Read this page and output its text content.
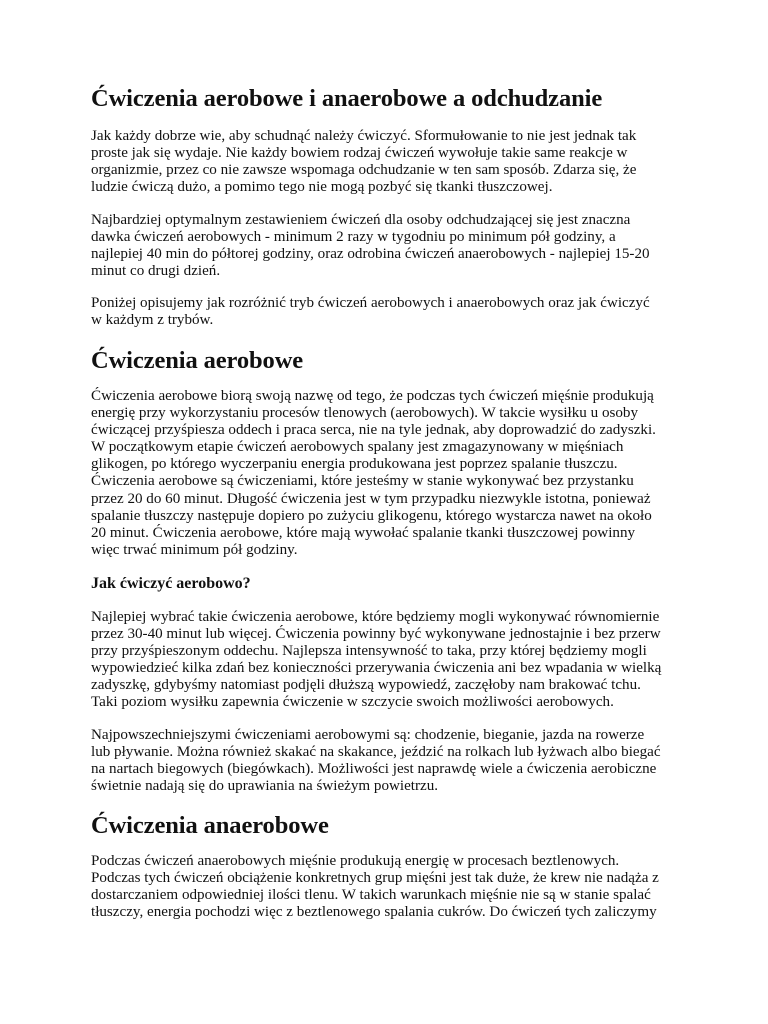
Ćwiczenia aerobowe i anaerobowe a odchudzanie

Jak każdy dobrze wie, aby schudnąć należy ćwiczyć. Sformułowanie to nie jest jednak tak
proste jak się wydaje. Nie każdy bowiem rodzaj ćwiczeń wywołuje takie same reakcje w
organizmie, przez co nie zawsze wspomaga odchudzanie w ten sam sposób. Zdarza się, że
ludzie ćwiczą dużo, a pomimo tego nie mogą pozbyć się tkanki tłuszczowej.

Najbardziej optymalnym zestawieniem ćwiczeń dla osoby odchudzającej się jest znaczna
dawka ćwiczeń aerobowych - minimum 2 razy w tygodniu po minimum pół godziny, a
najlepiej 40 min do półtorej godziny, oraz odrobina ćwiczeń anaerobowych - najlepiej 15-20
minut co drugi dzień.

Poniżej opisujemy jak rozróżnić tryb ćwiczeń aerobowych i anaerobowych oraz jak ćwiczyć
w każdym z trybów.

Ćwiczenia aerobowe

Ćwiczenia aerobowe biorą swoją nazwę od tego, że podczas tych ćwiczeń mięśnie produkują
energię przy wykorzystaniu procesów tlenowych (aerobowych). W takcie wysiłku u osoby
ćwiczącej przyśpiesza oddech i praca serca, nie na tyle jednak, aby doprowadzić do zadyszki.
W początkowym etapie ćwiczeń aerobowych spalany jest zmagazynowany w mięśniach
glikogen, po którego wyczerpaniu energia produkowana jest poprzez spalanie tłuszczu.
Ćwiczenia aerobowe są ćwiczeniami, które jesteśmy w stanie wykonywać bez przystanku
przez 20 do 60 minut. Długość ćwiczenia jest w tym przypadku niezwykle istotna, ponieważ
spalanie tłuszczy następuje dopiero po zużyciu glikogenu, którego wystarcza nawet na około
20 minut. Ćwiczenia aerobowe, które mają wywołać spalanie tkanki tłuszczowej powinny
więc trwać minimum pół godziny.

Jak ćwiczyć aerobowo?

Najlepiej wybrać takie ćwiczenia aerobowe, które będziemy mogli wykonywać równomiernie
przez 30-40 minut lub więcej. Ćwiczenia powinny być wykonywane jednostajnie i bez przerw
przy przyśpieszonym oddechu. Najlepsza intensywność to taka, przy której będziemy mogli
wypowiedzieć kilka zdań bez konieczności przerywania ćwiczenia ani bez wpadania w wielką
zadyszkę, gdybyśmy natomiast podjęli dłuższą wypowiedź, zaczęłoby nam brakować tchu.
Taki poziom wysiłku zapewnia ćwiczenie w szczycie swoich możliwości aerobowych.

Najpowszechniejszymi ćwiczeniami aerobowymi są: chodzenie, bieganie, jazda na rowerze
lub pływanie. Można również skakać na skakance, jeździć na rolkach lub łyżwach albo biegać
na nartach biegowych (biegówkach). Możliwości jest naprawdę wiele a ćwiczenia aerobiczne
świetnie nadają się do uprawiania na świeżym powietrzu.

Ćwiczenia anaerobowe

Podczas ćwiczeń anaerobowych mięśnie produkują energię w procesach beztlenowych.
Podczas tych ćwiczeń obciążenie konkretnych grup mięśni jest tak duże, że krew nie nadąża z
dostarczaniem odpowiedniej ilości tlenu. W takich warunkach mięśnie nie są w stanie spalać
tłuszczy, energia pochodzi więc z beztlenowego spalania cukrów. Do ćwiczeń tych zaliczymy
